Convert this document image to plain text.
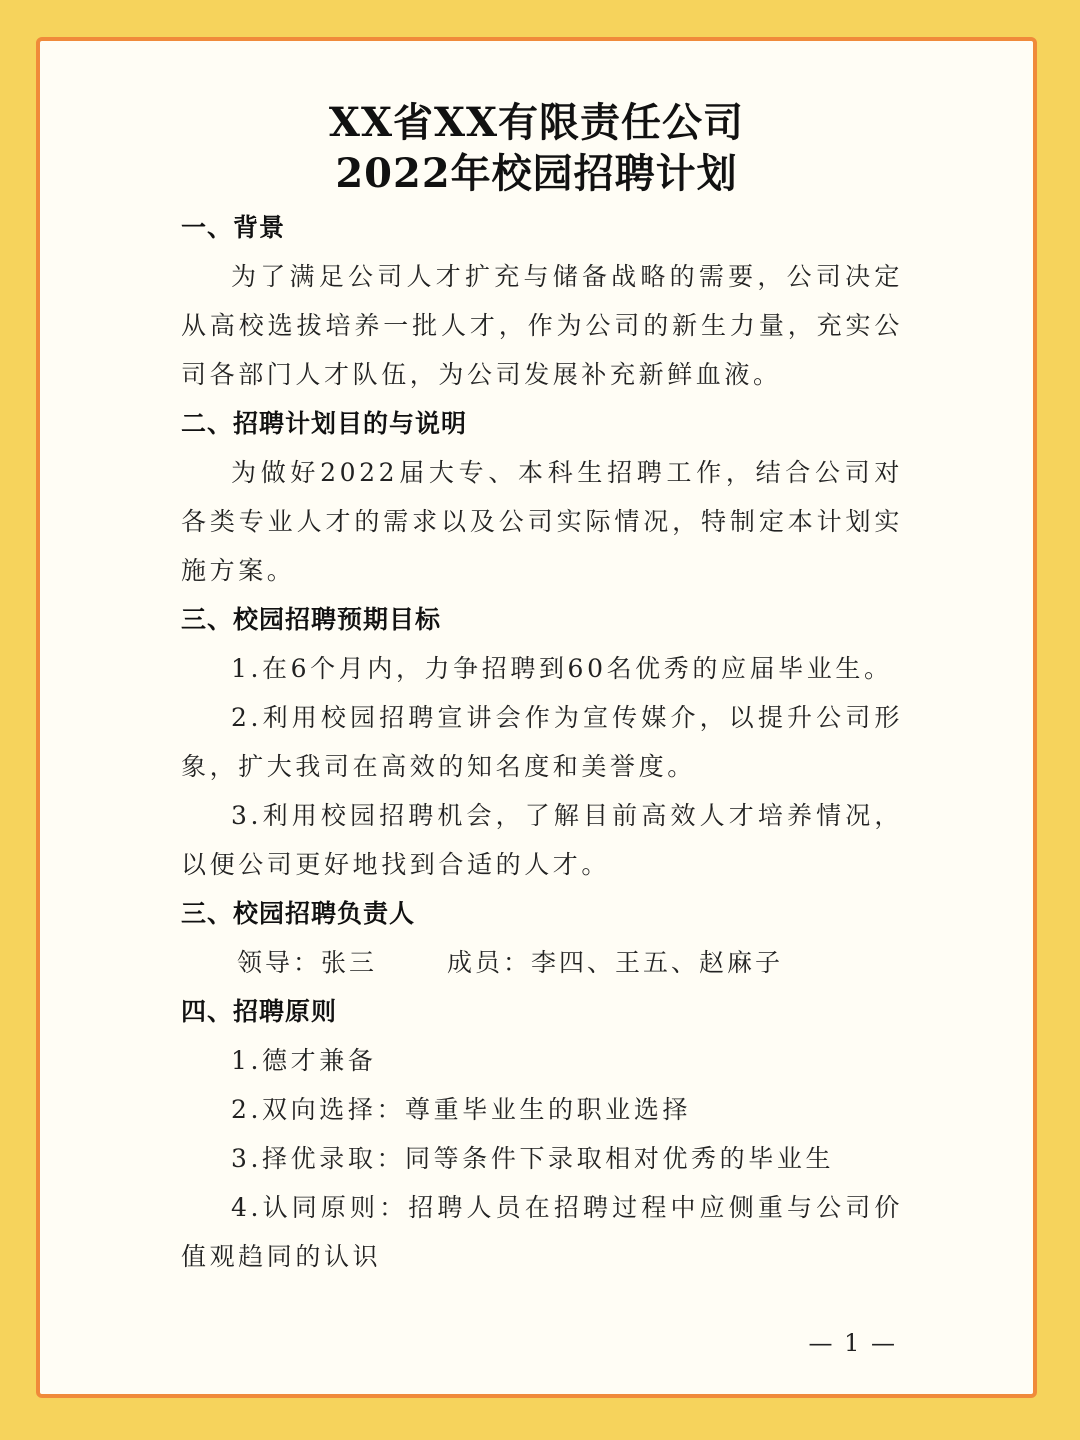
XX省XX有限责任公司
2022年校园招聘计划
一、背景

为了满足公司人才扩充与储备战略的需要，公司决定从高校选拔培养一批人才，作为公司的新生力量，充实公司各部门人才队伍，为公司发展补充新鲜血液。

二、招聘计划目的与说明

为做好2022届大专、本科生招聘工作，结合公司对各类专业人才的需求以及公司实际情况，特制定本计划实施方案。

三、校园招聘预期目标

1.在6个月内，力争招聘到60名优秀的应届毕业生。

2.利用校园招聘宣讲会作为宣传媒介，以提升公司形象，扩大我司在高效的知名度和美誉度。

3.利用校园招聘机会，了解目前高效人才培养情况，以便公司更好地找到合适的人才。

三、校园招聘负责人
领导：张三	成员：李四、王五、赵麻子
四、招聘原则

1.德才兼备

2.双向选择：尊重毕业生的职业选择

3.择优录取：同等条件下录取相对优秀的毕业生

4.认同原则：招聘人员在招聘过程中应侧重与公司价值观趋同的认识

— 1 —
